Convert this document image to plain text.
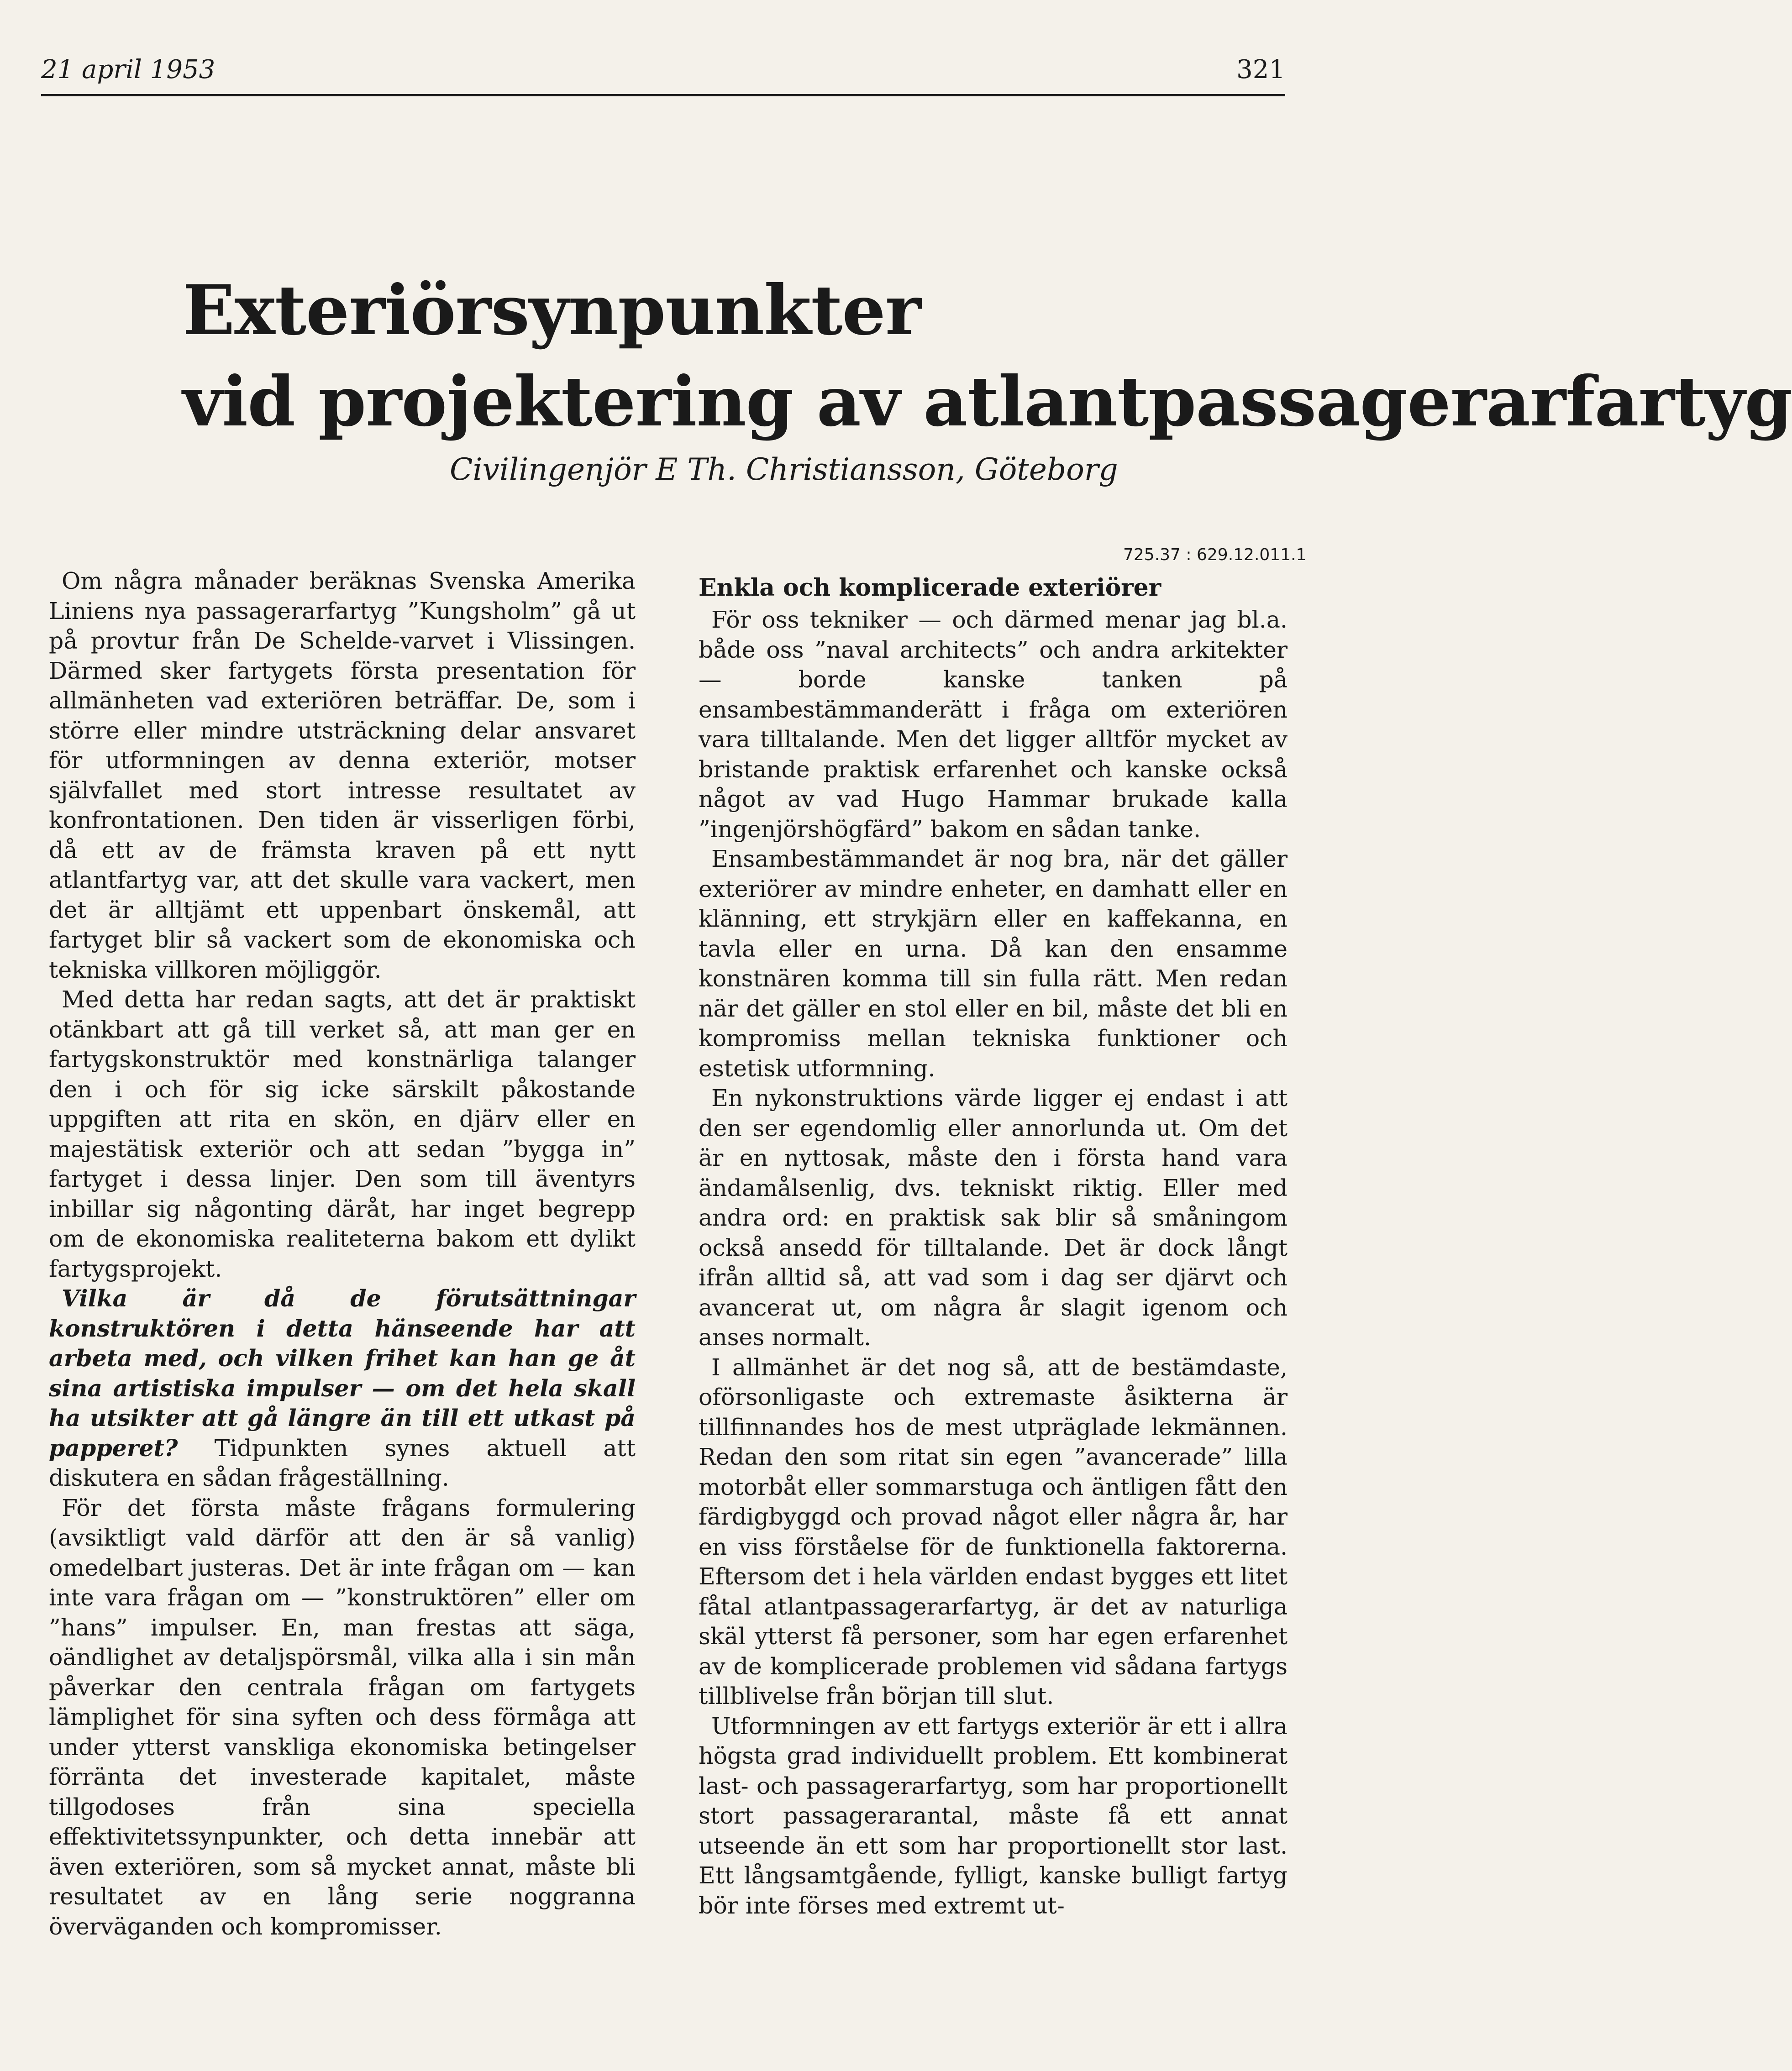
21 april 1953	321
Exteriörsynpunkter
vid projektering av atlantpassagerarfartyg
Civilingenjör E Th. Christiansson, Göteborg
725.37 : 629.12.011.1

Om några månader beräknas Svenska Amerika Liniens nya passagerarfartyg ”Kungsholm” gå ut på provtur från De Schelde-varvet i Vlissingen. Därmed sker fartygets första presentation för allmänheten vad exteriören beträffar. De, som i större eller mindre utsträckning delar ansvaret för utformningen av denna exteriör, motser självfallet med stort intresse resultatet av konfrontationen. Den tiden är visserligen förbi, då ett av de främsta kraven på ett nytt atlantfartyg var, att det skulle vara vackert, men det är alltjämt ett uppenbart önskemål, att fartyget blir så vackert som de ekonomiska och tekniska villkoren möjliggör.

Med detta har redan sagts, att det är praktiskt otänkbart att gå till verket så, att man ger en fartygskonstruktör med konstnärliga talanger den i och för sig icke särskilt påkostande uppgiften att rita en skön, en djärv eller en majestätisk exteriör och att sedan ”bygga in” fartyget i dessa linjer. Den som till äventyrs inbillar sig någonting däråt, har inget begrepp om de ekonomiska realiteterna bakom ett dylikt fartygsprojekt.

Vilka är då de förutsättningar konstruktören i detta hänseende har att arbeta med, och vilken frihet kan han ge åt sina artistiska impulser — om det hela skall ha utsikter att gå längre än till ett utkast på papperet? Tidpunkten synes aktuell att diskutera en sådan frågeställning.

För det första måste frågans formulering (avsiktligt vald därför att den är så vanlig) omedelbart justeras. Det är inte frågan om — kan inte vara frågan om — ”konstruktören” eller om ”hans” impulser. En, man frestas att säga, oändlighet av detaljspörsmål, vilka alla i sin mån påverkar den centrala frågan om fartygets lämplighet för sina syften och dess förmåga att under ytterst vanskliga ekonomiska betingelser förränta det investerade kapitalet, måste tillgodoses från sina speciella effektivitetssynpunkter, och detta innebär att även exteriören, som så mycket annat, måste bli resultatet av en lång serie noggranna överväganden och kompromisser.

Enkla och komplicerade exteriörer

För oss tekniker — och därmed menar jag bl.a. både oss ”naval architects” och andra arkitekter — borde kanske tanken på ensambestämmanderätt i fråga om exteriören vara tilltalande. Men det ligger alltför mycket av bristande praktisk erfarenhet och kanske också något av vad Hugo Hammar brukade kalla ”ingenjörshögfärd” bakom en sådan tanke.

Ensambestämmandet är nog bra, när det gäller exteriörer av mindre enheter, en damhatt eller en klänning, ett strykjärn eller en kaffekanna, en tavla eller en urna. Då kan den ensamme konstnären komma till sin fulla rätt. Men redan när det gäller en stol eller en bil, måste det bli en kompromiss mellan tekniska funktioner och estetisk utformning.

En nykonstruktions värde ligger ej endast i att den ser egendomlig eller annorlunda ut. Om det är en nyttosak, måste den i första hand vara ändamålsenlig, dvs. tekniskt riktig. Eller med andra ord: en praktisk sak blir så småningom också ansedd för tilltalande. Det är dock långt ifrån alltid så, att vad som i dag ser djärvt och avancerat ut, om några år slagit igenom och anses normalt.

I allmänhet är det nog så, att de bestämdaste, oförsonligaste och extremaste åsikterna är tillfinnandes hos de mest utpräglade lekmännen. Redan den som ritat sin egen ”avancerade” lilla motorbåt eller sommarstuga och äntligen fått den färdigbyggd och provad något eller några år, har en viss förståelse för de funktionella faktorerna. Eftersom det i hela världen endast bygges ett litet fåtal atlantpassagerarfartyg, är det av naturliga skäl ytterst få personer, som har egen erfarenhet av de komplicerade problemen vid sådana fartygs tillblivelse från början till slut.

Utformningen av ett fartygs exteriör är ett i allra högsta grad individuellt problem. Ett kombinerat last- och passagerarfartyg, som har proportionellt stort passagerarantal, måste få ett annat utseende än ett som har proportionellt stor last. Ett långsamtgående, fylligt, kanske bulligt fartyg bör inte förses med extremt ut-
